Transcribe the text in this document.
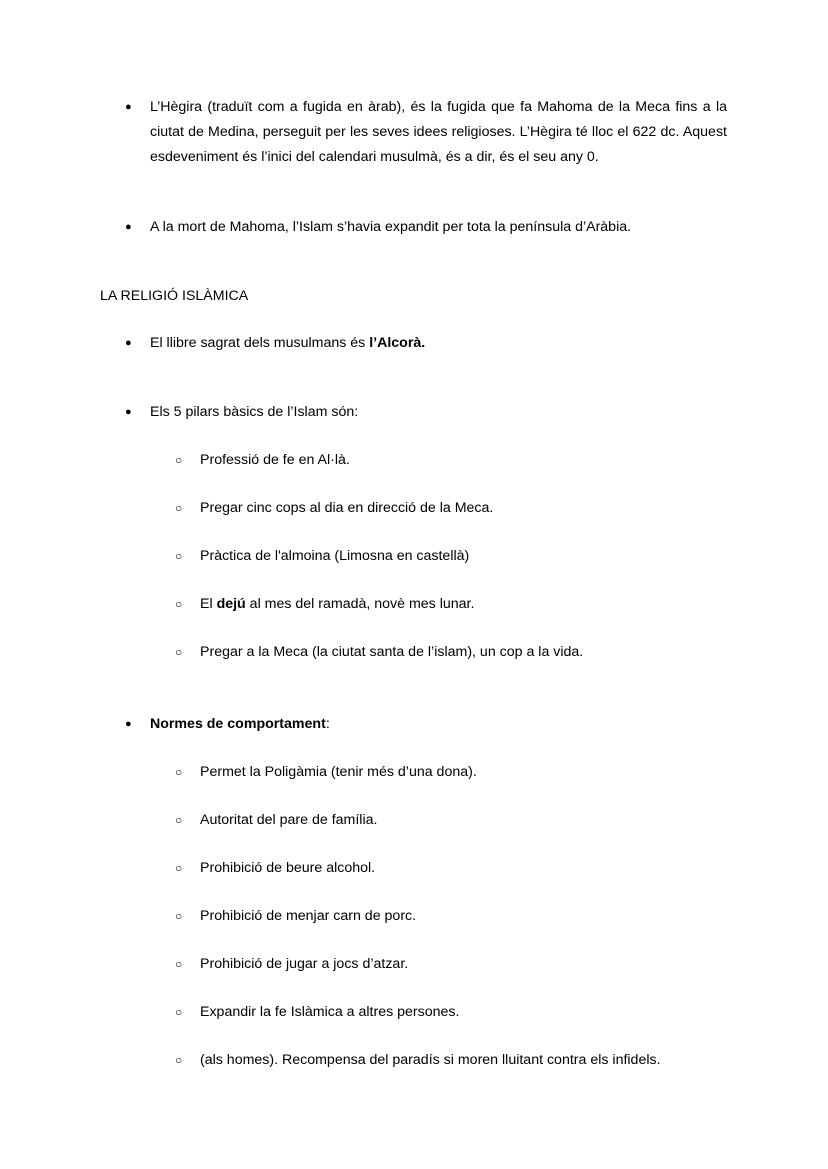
● L’Hègira (traduït com a fugida en àrab), és la fugida que fa Mahoma de la Meca fins a la

ciutat de Medina, perseguit per les seves idees religioses. L’Hègira té lloc el 622 dc. Aquest

esdeveniment és l’inici del calendari musulmà, és a dir, és el seu any 0.

● A la mort de Mahoma, l’Islam s’havia expandit per tota la península d’Aràbia.
LA RELIGIÓ ISLÀMICA
● El llibre sagrat dels musulmans és l’Alcorà.
● Els 5 pilars bàsics de l’Islam són:
○ Professió de fe en Al·là.
○ Pregar cinc cops al dia en direcció de la Meca.
○ Pràctica de l'almoina (Limosna en castellà)
○ El dejú al mes del ramadà, novè mes lunar.
○ Pregar a la Meca (la ciutat santa de l’islam), un cop a la vida.
● Normes de comportament:
○ Permet la Poligàmia (tenir més d’una dona).
○ Autoritat del pare de família.
○ Prohibició de beure alcohol.
○ Prohibició de menjar carn de porc.
○ Prohibició de jugar a jocs d’atzar.
○ Expandir la fe Islàmica a altres persones.
○ (als homes). Recompensa del paradís si moren lluitant contra els infidels.
